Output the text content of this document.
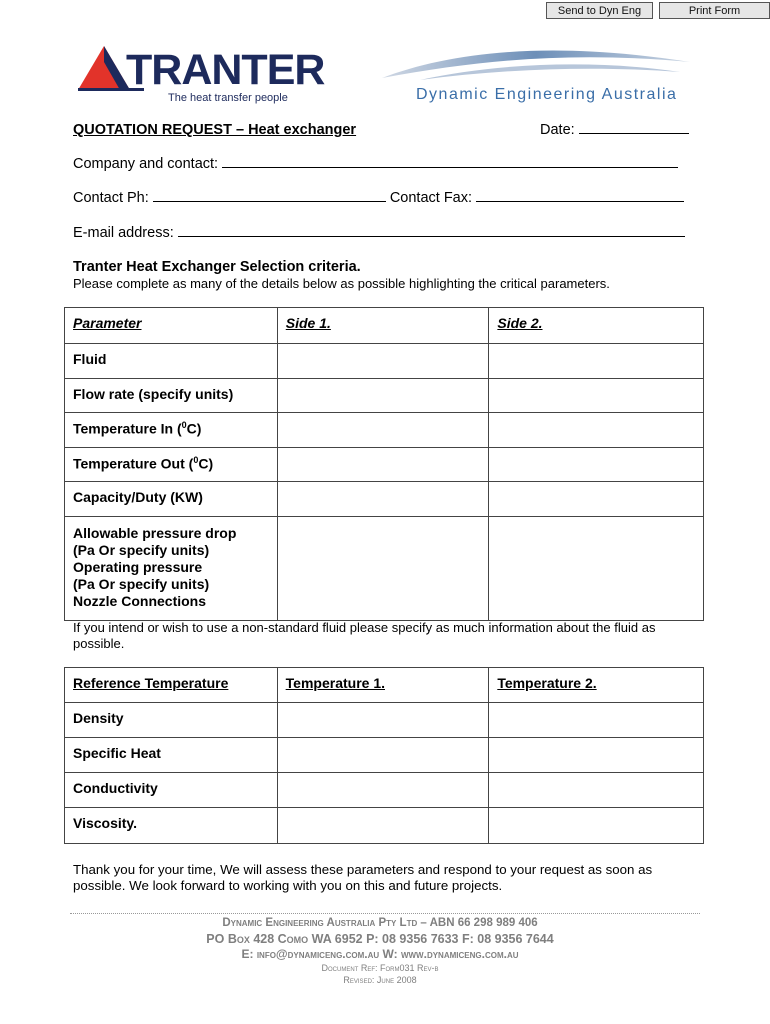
Send to Dyn Eng	Print Form
TRANTER
The heat transfer people	Dynamic Engineering Australia
QUOTATION REQUEST – Heat exchanger	Date:
Company and contact:
Contact Ph:	Contact Fax:
E-mail address:
Tranter Heat Exchanger Selection criteria.
Please complete as many of the details below as possible highlighting the critical parameters.
Parameter	Side 1.	Side 2.
Fluid		
Flow rate (specify units)		
Temperature In ($^0$C)		
Temperature Out ($^0$C)		
Capacity/Duty (KW)		

Allowable pressure drop
(Pa Or specify units)
Operating pressure
(Pa Or specify units)
Nozzle Connections		

If you intend or wish to use a non-standard fluid please specify as much information about the fluid as possible.
Reference Temperature	Temperature 1.	Temperature 2.
Density		
Specific Heat		
Conductivity		
Viscosity.		
Thank you for your time, We will assess these parameters and respond to your request as soon as possible. We look forward to working with you on this and future projects.
Dynamic Engineering Australia Pty Ltd – ABN 66 298 989 406
PO Box 428 Como WA 6952 P: 08 9356 7633 F: 08 9356 7644
E: info@dynamiceng.com.au W: www.dynamiceng.com.au
Document Ref: Form031 Rev-b
Revised: June 2008
